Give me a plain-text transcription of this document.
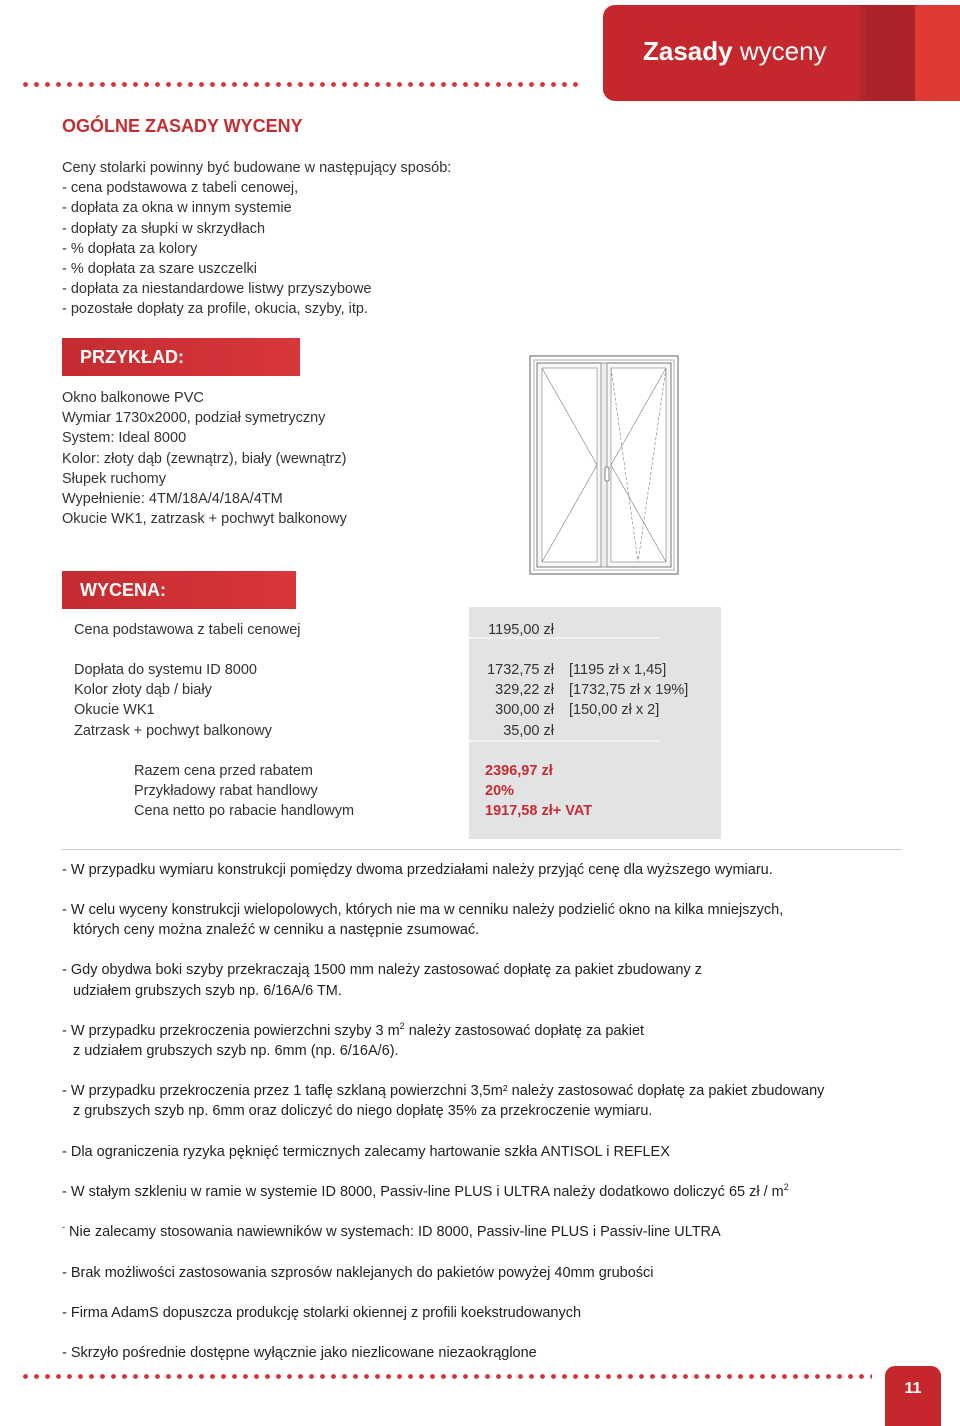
Zasady wyceny
OGÓLNE ZASADY WYCENY
Ceny stolarki powinny być budowane w następujący sposób:
- cena podstawowa z tabeli cenowej,
- dopłata za okna w innym systemie
- dopłaty za słupki w skrzydłach
- % dopłata za kolory
- % dopłata za szare uszczelki
- dopłata za niestandardowe listwy przyszybowe
- pozostałe dopłaty za profile, okucia, szyby, itp.
PRZYKŁAD:
Okno balkonowe PVC
Wymiar 1730x2000, podział symetryczny
System: Ideal 8000
Kolor: złoty dąb (zewnątrz), biały (wewnątrz)
Słupek ruchomy
Wypełnienie: 4TM/18A/4/18A/4TM
Okucie WK1, zatrzask + pochwyt balkonowy
WYCENA:
Cena podstawowa z tabeli cenowej	1195,00 zł
Dopłata do systemu ID 8000
Kolor złoty dąb / biały
Okucie WK1
Zatrzask + pochwyt balkonowy
1732,75 zł
329,22 zł
300,00 zł
35,00 zł
[1195 zł x 1,45]
[1732,75 zł x 19%]
[150,00 zł x 2]
Razem cena przed rabatem
Przykładowy rabat handlowy
Cena netto po rabacie handlowym
2396,97 zł
20%
1917,58 zł+ VAT
- W przypadku wymiaru konstrukcji pomiędzy dwoma przedziałami należy przyjąć cenę dla wyższego wymiaru.
- W celu wyceny konstrukcji wielopolowych, których nie ma w cenniku należy podzielić okno na kilka mniejszych,
których ceny można znaleźć w cenniku a następnie zsumować.
- Gdy obydwa boki szyby przekraczają 1500 mm należy zastosować dopłatę za pakiet zbudowany z
udziałem grubszych szyb np. 6/16A/6 TM.
- W przypadku przekroczenia powierzchni szyby 3 $m^2$ należy zastosować dopłatę za pakiet
z udziałem grubszych szyb np. 6mm (np. 6/16A/6).
- W przypadku przekroczenia przez 1 taflę szklaną powierzchni 3,5m² należy zastosować dopłatę za pakiet zbudowany
z grubszych szyb np. 6mm oraz doliczyć do niego dopłatę 35% za przekroczenie wymiaru.
- Dla ograniczenia ryzyka pęknięć termicznych zalecamy hartowanie szkła ANTISOL i REFLEX
- W stałym szkleniu w ramie w systemie ID 8000, Passiv-line PLUS i ULTRA należy dodatkowo doliczyć 65 zł / $m^2$
- Nie zalecamy stosowania nawiewników w systemach: ID 8000, Passiv-line PLUS i Passiv-line ULTRA
- Brak możliwości zastosowania szprosów naklejanych do pakietów powyżej 40mm grubości
- Firma AdamS dopuszcza produkcję stolarki okiennej z profili koekstrudowanych
- Skrzyło pośrednie dostępne wyłącznie jako niezlicowane niezaokrąglone
11
